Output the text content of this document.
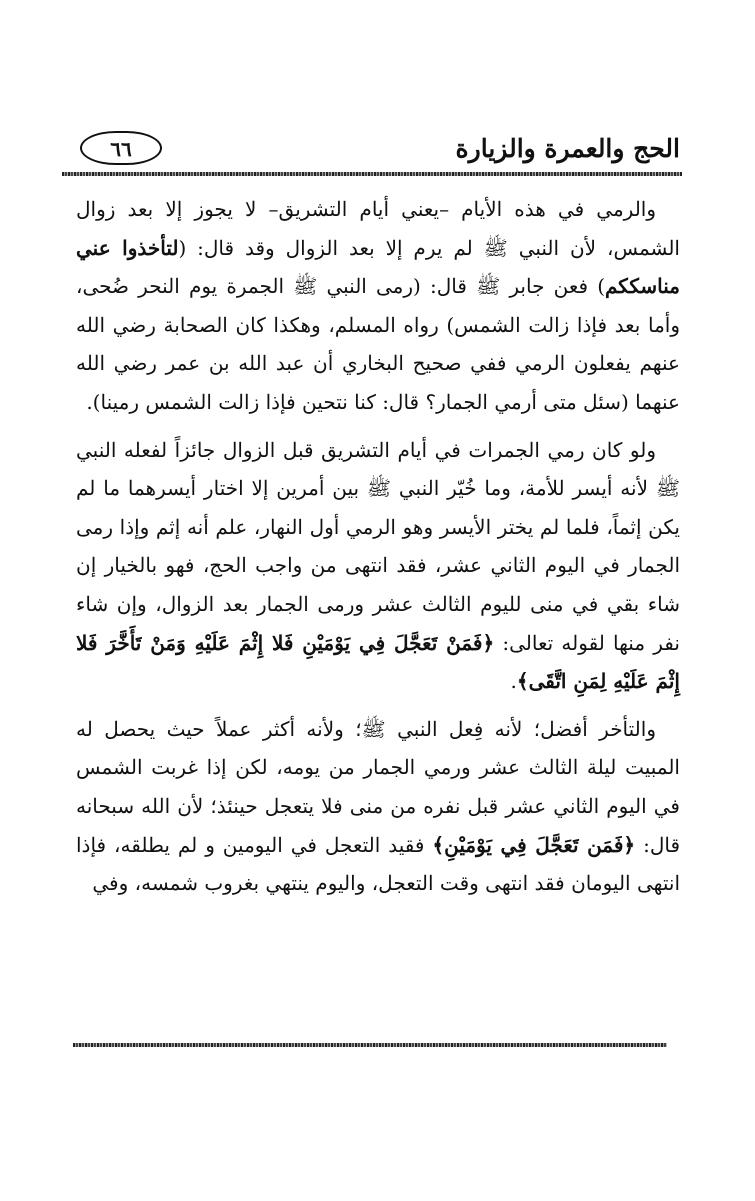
الحج والعمرة والزيارة
٦٦

والرمي في هذه الأيام –يعني أيام التشريق– لا يجوز إلا بعد زوال الشمس، لأن النبي ﷺ لم يرم إلا بعد الزوال وقد قال: (لتأخذوا عني مناسككم) فعن جابر ﷺ قال: (رمى النبي ﷺ الجمرة يوم النحر ضُحى، وأما بعد فإذا زالت الشمس) رواه المسلم، وهكذا كان الصحابة رضي الله عنهم يفعلون الرمي ففي صحيح البخاري أن عبد الله بن عمر رضي الله عنهما (سئل متى أرمي الجمار؟ قال: كنا نتحين فإذا زالت الشمس رمينا).

ولو كان رمي الجمرات في أيام التشريق قبل الزوال جائزاً لفعله النبي ﷺ لأنه أيسر للأمة، وما خُيّر النبي ﷺ بين أمرين إلا اختار أيسرهما ما لم يكن إثماً، فلما لم يختر الأيسر وهو الرمي أول النهار، علم أنه إثم وإذا رمى الجمار في اليوم الثاني عشر، فقد انتهى من واجب الحج، فهو بالخيار إن شاء بقي في منى لليوم الثالث عشر ورمى الجمار بعد الزوال، وإن شاء نفر منها لقوله تعالى: ﴿فَمَنْ تَعَجَّلَ فِي يَوْمَيْنِ فَلا إِثْمَ عَلَيْهِ وَمَنْ تَأَخَّرَ فَلا إِثْمَ عَلَيْهِ لِمَنِ اتَّقَى﴾.

والتأخر أفضل؛ لأنه فِعل النبي ﷺ؛ ولأنه أكثر عملاً حيث يحصل له المبيت ليلة الثالث عشر ورمي الجمار من يومه، لكن إذا غربت الشمس في اليوم الثاني عشر قبل نفره من منى فلا يتعجل حينئذ؛ لأن الله سبحانه قال: ﴿فَمَن تَعَجَّلَ فِي يَوْمَيْنِ﴾ فقيد التعجل في اليومين و لم يطلقه، فإذا انتهى اليومان فقد انتهى وقت التعجل، واليوم ينتهي بغروب شمسه، وفي
